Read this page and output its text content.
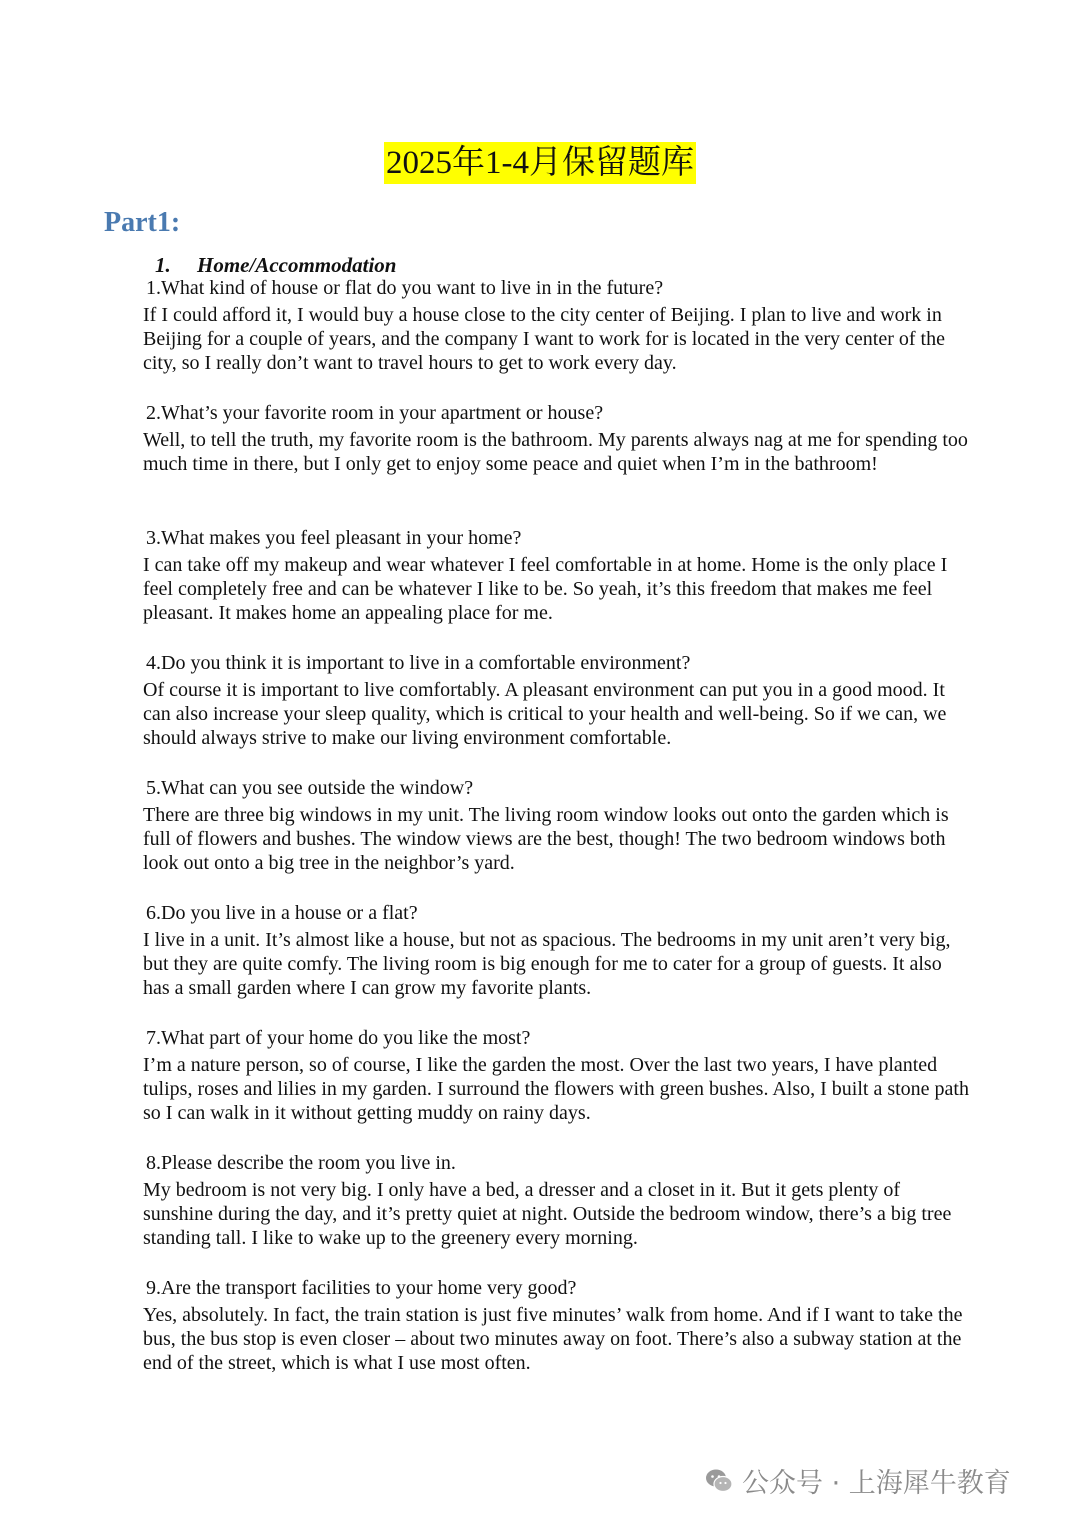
2025年1-4月保留题库
Part1:
1. Home/Accommodation

1.What kind of house or flat do you want to live in in the future?

If I could afford it, I would buy a house close to the city center of Beijing. I plan to live and work in Beijing for a couple of years, and the company I want to work for is located in the very center of the city, so I really don’t want to travel hours to get to work every day.

2.What’s your favorite room in your apartment or house?

Well, to tell the truth, my favorite room is the bathroom. My parents always nag at me for spending too much time in there, but I only get to enjoy some peace and quiet when I’m in the bathroom!

3.What makes you feel pleasant in your home?

I can take off my makeup and wear whatever I feel comfortable in at home. Home is the only place I feel completely free and can be whatever I like to be. So yeah, it’s this freedom that makes me feel pleasant. It makes home an appealing place for me.

4.Do you think it is important to live in a comfortable environment?

Of course it is important to live comfortably. A pleasant environment can put you in a good mood. It can also increase your sleep quality, which is critical to your health and well-being. So if we can, we should always strive to make our living environment comfortable.

5.What can you see outside the window?

There are three big windows in my unit. The living room window looks out onto the garden which is full of flowers and bushes. The window views are the best, though! The two bedroom windows both look out onto a big tree in the neighbor’s yard.

6.Do you live in a house or a flat?

I live in a unit. It’s almost like a house, but not as spacious. The bedrooms in my unit aren’t very big, but they are quite comfy. The living room is big enough for me to cater for a group of guests. It also has a small garden where I can grow my favorite plants.

7.What part of your home do you like the most?

I’m a nature person, so of course, I like the garden the most. Over the last two years, I have planted tulips, roses and lilies in my garden. I surround the flowers with green bushes. Also, I built a stone path so I can walk in it without getting muddy on rainy days.

8.Please describe the room you live in.

My bedroom is not very big. I only have a bed, a dresser and a closet in it. But it gets plenty of sunshine during the day, and it’s pretty quiet at night. Outside the bedroom window, there’s a big tree standing tall. I like to wake up to the greenery every morning.

9.Are the transport facilities to your home very good?

Yes, absolutely. In fact, the train station is just five minutes’ walk from home. And if I want to take the bus, the bus stop is even closer – about two minutes away on foot. There’s also a subway station at the end of the street, which is what I use most often.

公众号 · 上海犀牛教育
